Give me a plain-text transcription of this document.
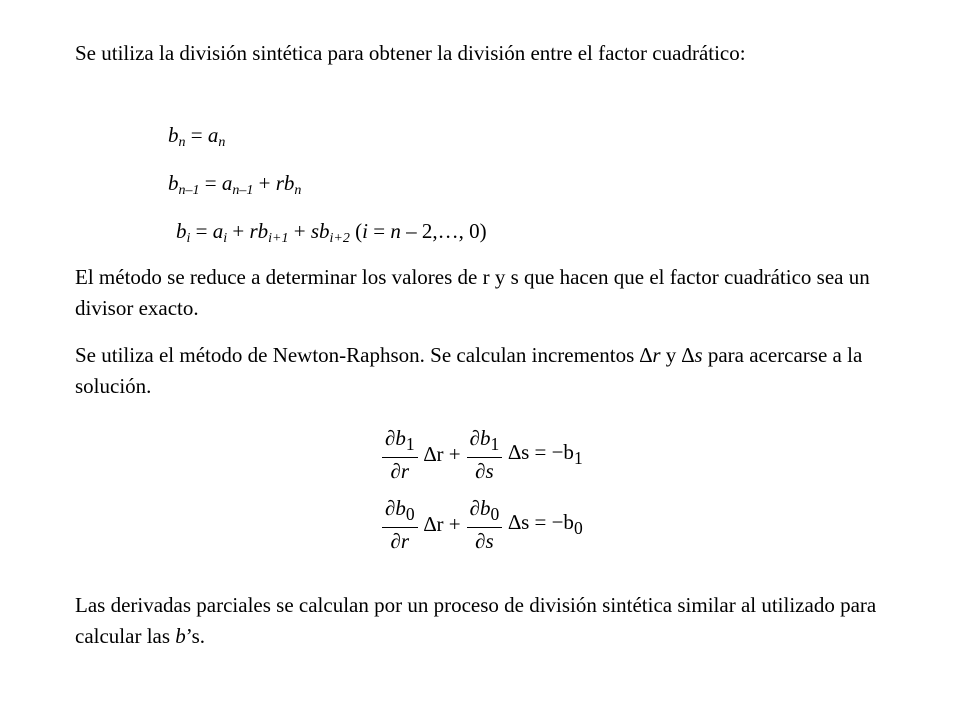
Se utiliza la división sintética para obtener la división entre el factor cuadrático:

$b_n = a_n$
$b_{n-1} = a_{n-1} + rb_n$
$b_i = a_i + rb_{i+1} + sb_{i+2}$ (i = n – 2,…, 0)

El método se reduce a determinar los valores de r y s que hacen que el factor cuadrático sea un divisor exacto.

Se utiliza el método de Newton-Raphson. Se calculan incrementos ∆r y ∆s para acercarse a la solución.

$\frac{\partial b_1}{\partial r} \Delta r + \frac{\partial b_1}{\partial s} \Delta s = -b_1$
$\frac{\partial b_0}{\partial r} \Delta r + \frac{\partial b_0}{\partial s} \Delta s = -b_0$

Las derivadas parciales se calculan por un proceso de división sintética similar al utilizado para calcular las b’s.
